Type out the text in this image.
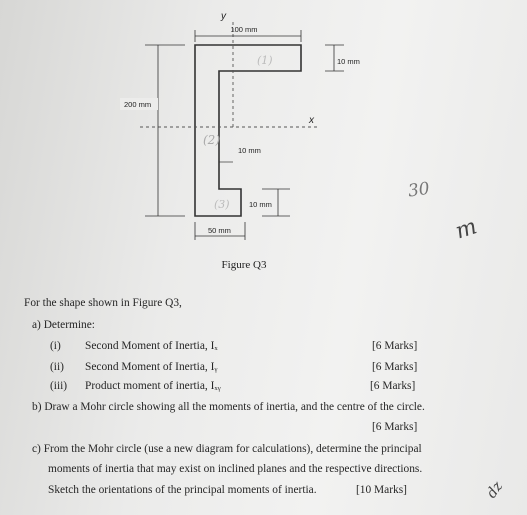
y
x
100 mm
10 mm
200 mm
10 mm
10 mm
50 mm
(1)
(2)
(3)
Figure Q3
30
m
For the shape shown in Figure Q3,
a) Determine:
(i) Second Moment of Inertia, Iₓ	[6 Marks]
(ii) Second Moment of Inertia, Iᵧ	[6 Marks]
(iii) Product moment of inertia, Iₓᵧ	[6 Marks]
b) Draw a Mohr circle showing all the moments of inertia, and the centre of the circle.
[6 Marks]
c) From the Mohr circle (use a new diagram for calculations), determine the principal
moments of inertia that may exist on inclined planes and the respective directions.
Sketch the orientations of the principal moments of inertia.	[10 Marks]	dz
